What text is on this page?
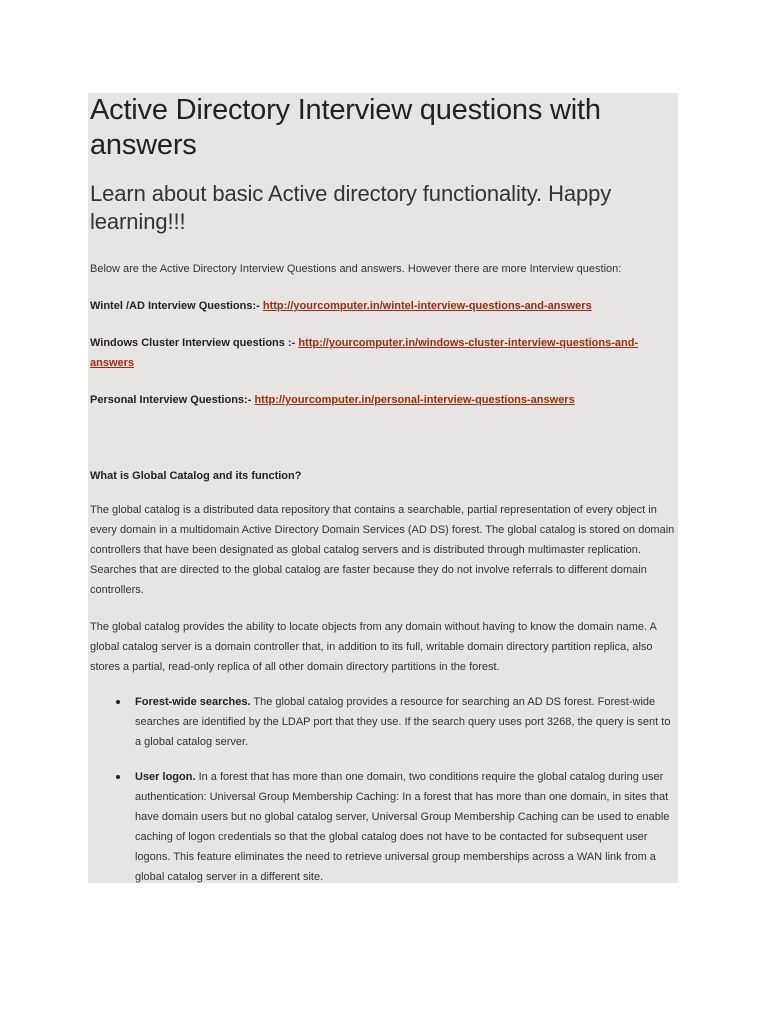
Active Directory Interview questions with answers
Learn about basic Active directory functionality. Happy learning!!!

Below are the Active Directory Interview Questions and answers. However there are more Interview question:

Wintel /AD Interview Questions:- http://yourcomputer.in/wintel-interview-questions-and-answers

Windows Cluster Interview questions :- http://yourcomputer.in/windows-cluster-interview-questions-and-answers

Personal Interview Questions:- http://yourcomputer.in/personal-interview-questions-answers

What is Global Catalog and its function?

The global catalog is a distributed data repository that contains a searchable, partial representation of every object in every domain in a multidomain Active Directory Domain Services (AD DS) forest. The global catalog is stored on domain controllers that have been designated as global catalog servers and is distributed through multimaster replication. Searches that are directed to the global catalog are faster because they do not involve referrals to different domain controllers.

The global catalog provides the ability to locate objects from any domain without having to know the domain name. A global catalog server is a domain controller that, in addition to its full, writable domain directory partition replica, also stores a partial, read-only replica of all other domain directory partitions in the forest.

Forest-wide searches. The global catalog provides a resource for searching an AD DS forest. Forest-wide searches are identified by the LDAP port that they use. If the search query uses port 3268, the query is sent to a global catalog server.
User logon. In a forest that has more than one domain, two conditions require the global catalog during user authentication: Universal Group Membership Caching: In a forest that has more than one domain, in sites that have domain users but no global catalog server, Universal Group Membership Caching can be used to enable caching of logon credentials so that the global catalog does not have to be contacted for subsequent user logons. This feature eliminates the need to retrieve universal group memberships across a WAN link from a global catalog server in a different site.
